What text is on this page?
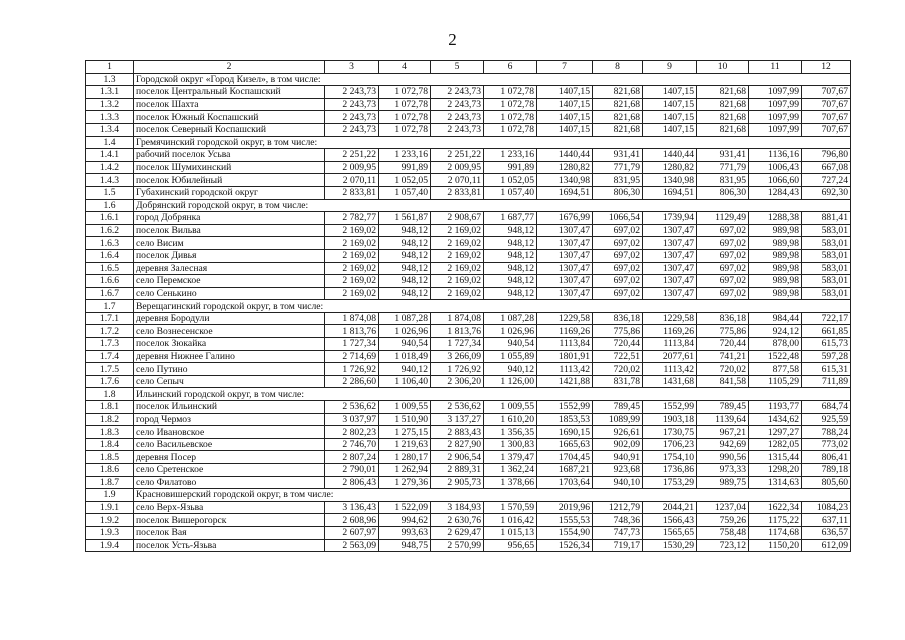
2
1	2	3	4	5	6	7	8	9	10	11	12
1.3	Городской округ «Город Кизел», в том числе:										
1.3.1	поселок Центральный Коспашский	2 243,73	1 072,78	2 243,73	1 072,78	1407,15	821,68	1407,15	821,68	1097,99	707,67
1.3.2	поселок Шахта	2 243,73	1 072,78	2 243,73	1 072,78	1407,15	821,68	1407,15	821,68	1097,99	707,67
1.3.3	поселок Южный Коспашский	2 243,73	1 072,78	2 243,73	1 072,78	1407,15	821,68	1407,15	821,68	1097,99	707,67
1.3.4	поселок Северный Коспашский	2 243,73	1 072,78	2 243,73	1 072,78	1407,15	821,68	1407,15	821,68	1097,99	707,67
1.4	Гремячинский городской округ, в том числе:										
1.4.1	рабочий поселок Усьва	2 251,22	1 233,16	2 251,22	1 233,16	1440,44	931,41	1440,44	931,41	1136,16	796,80
1.4.2	поселок Шумихинский	2 009,95	991,89	2 009,95	991,89	1280,82	771,79	1280,82	771,79	1006,43	667,08
1.4.3	поселок Юбилейный	2 070,11	1 052,05	2 070,11	1 052,05	1340,98	831,95	1340,98	831,95	1066,60	727,24
1.5	Губахинский городской округ	2 833,81	1 057,40	2 833,81	1 057,40	1694,51	806,30	1694,51	806,30	1284,43	692,30
1.6	Добрянский городской округ, в том числе:										
1.6.1	город Добрянка	2 782,77	1 561,87	2 908,67	1 687,77	1676,99	1066,54	1739,94	1129,49	1288,38	881,41
1.6.2	поселок Вильва	2 169,02	948,12	2 169,02	948,12	1307,47	697,02	1307,47	697,02	989,98	583,01
1.6.3	село Висим	2 169,02	948,12	2 169,02	948,12	1307,47	697,02	1307,47	697,02	989,98	583,01
1.6.4	поселок Дивья	2 169,02	948,12	2 169,02	948,12	1307,47	697,02	1307,47	697,02	989,98	583,01
1.6.5	деревня Залесная	2 169,02	948,12	2 169,02	948,12	1307,47	697,02	1307,47	697,02	989,98	583,01
1.6.6	село Перемское	2 169,02	948,12	2 169,02	948,12	1307,47	697,02	1307,47	697,02	989,98	583,01
1.6.7	село Сенькино	2 169,02	948,12	2 169,02	948,12	1307,47	697,02	1307,47	697,02	989,98	583,01
1.7	Верещагинский городской округ, в том числе:										
1.7.1	деревня Бородули	1 874,08	1 087,28	1 874,08	1 087,28	1229,58	836,18	1229,58	836,18	984,44	722,17
1.7.2	село Вознесенское	1 813,76	1 026,96	1 813,76	1 026,96	1169,26	775,86	1169,26	775,86	924,12	661,85
1.7.3	поселок Зюкайка	1 727,34	940,54	1 727,34	940,54	1113,84	720,44	1113,84	720,44	878,00	615,73
1.7.4	деревня Нижнее Галино	2 714,69	1 018,49	3 266,09	1 055,89	1801,91	722,51	2077,61	741,21	1522,48	597,28
1.7.5	село Путино	1 726,92	940,12	1 726,92	940,12	1113,42	720,02	1113,42	720,02	877,58	615,31
1.7.6	село Сепыч	2 286,60	1 106,40	2 306,20	1 126,00	1421,88	831,78	1431,68	841,58	1105,29	711,89
1.8	Ильинский городской округ, в том числе:										
1.8.1	поселок Ильинский	2 536,62	1 009,55	2 536,62	1 009,55	1552,99	789,45	1552,99	789,45	1193,77	684,74
1.8.2	город Чермоз	3 037,97	1 510,90	3 137,27	1 610,20	1853,53	1089,99	1903,18	1139,64	1434,62	925,59
1.8.3	село Ивановское	2 802,23	1 275,15	2 883,43	1 356,35	1690,15	926,61	1730,75	967,21	1297,27	788,24
1.8.4	село Васильевское	2 746,70	1 219,63	2 827,90	1 300,83	1665,63	902,09	1706,23	942,69	1282,05	773,02
1.8.5	деревня Посер	2 807,24	1 280,17	2 906,54	1 379,47	1704,45	940,91	1754,10	990,56	1315,44	806,41
1.8.6	село Сретенское	2 790,01	1 262,94	2 889,31	1 362,24	1687,21	923,68	1736,86	973,33	1298,20	789,18
1.8.7	село Филатово	2 806,43	1 279,36	2 905,73	1 378,66	1703,64	940,10	1753,29	989,75	1314,63	805,60
1.9	Красновишерский городской округ, в том числе:										
1.9.1	село Верх-Язьва	3 136,43	1 522,09	3 184,93	1 570,59	2019,96	1212,79	2044,21	1237,04	1622,34	1084,23
1.9.2	поселок Вишерогорск	2 608,96	994,62	2 630,76	1 016,42	1555,53	748,36	1566,43	759,26	1175,22	637,11
1.9.3	поселок Вая	2 607,97	993,63	2 629,47	1 015,13	1554,90	747,73	1565,65	758,48	1174,68	636,57
1.9.4	поселок Усть-Язьва	2 563,09	948,75	2 570,99	956,65	1526,34	719,17	1530,29	723,12	1150,20	612,09
